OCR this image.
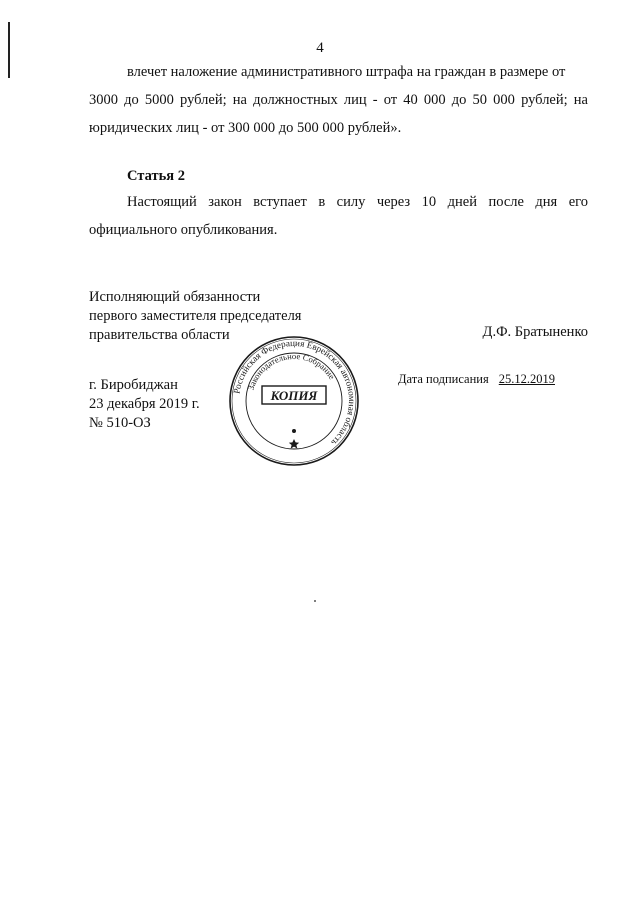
4
влечет наложение административного штрафа на граждан в размере от
3000 до 5000 рублей; на должностных лиц - от 40 000 до 50 000 рублей; на
юридических лиц - от 300 000 до 500 000 рублей».
Статья 2
Настоящий закон вступает в силу через 10 дней после дня его
официального опубликования.
Исполняющий обязанности
первого заместителя председателя
правительства области	Д.Ф. Братыненко
г. Биробиджан
23 декабря 2019 г.
№ 510-ОЗ
Дата подписания 25.12.2019
Российская Федерация Еврейская автономная область
Законодательное Собрание
КОПИЯ
